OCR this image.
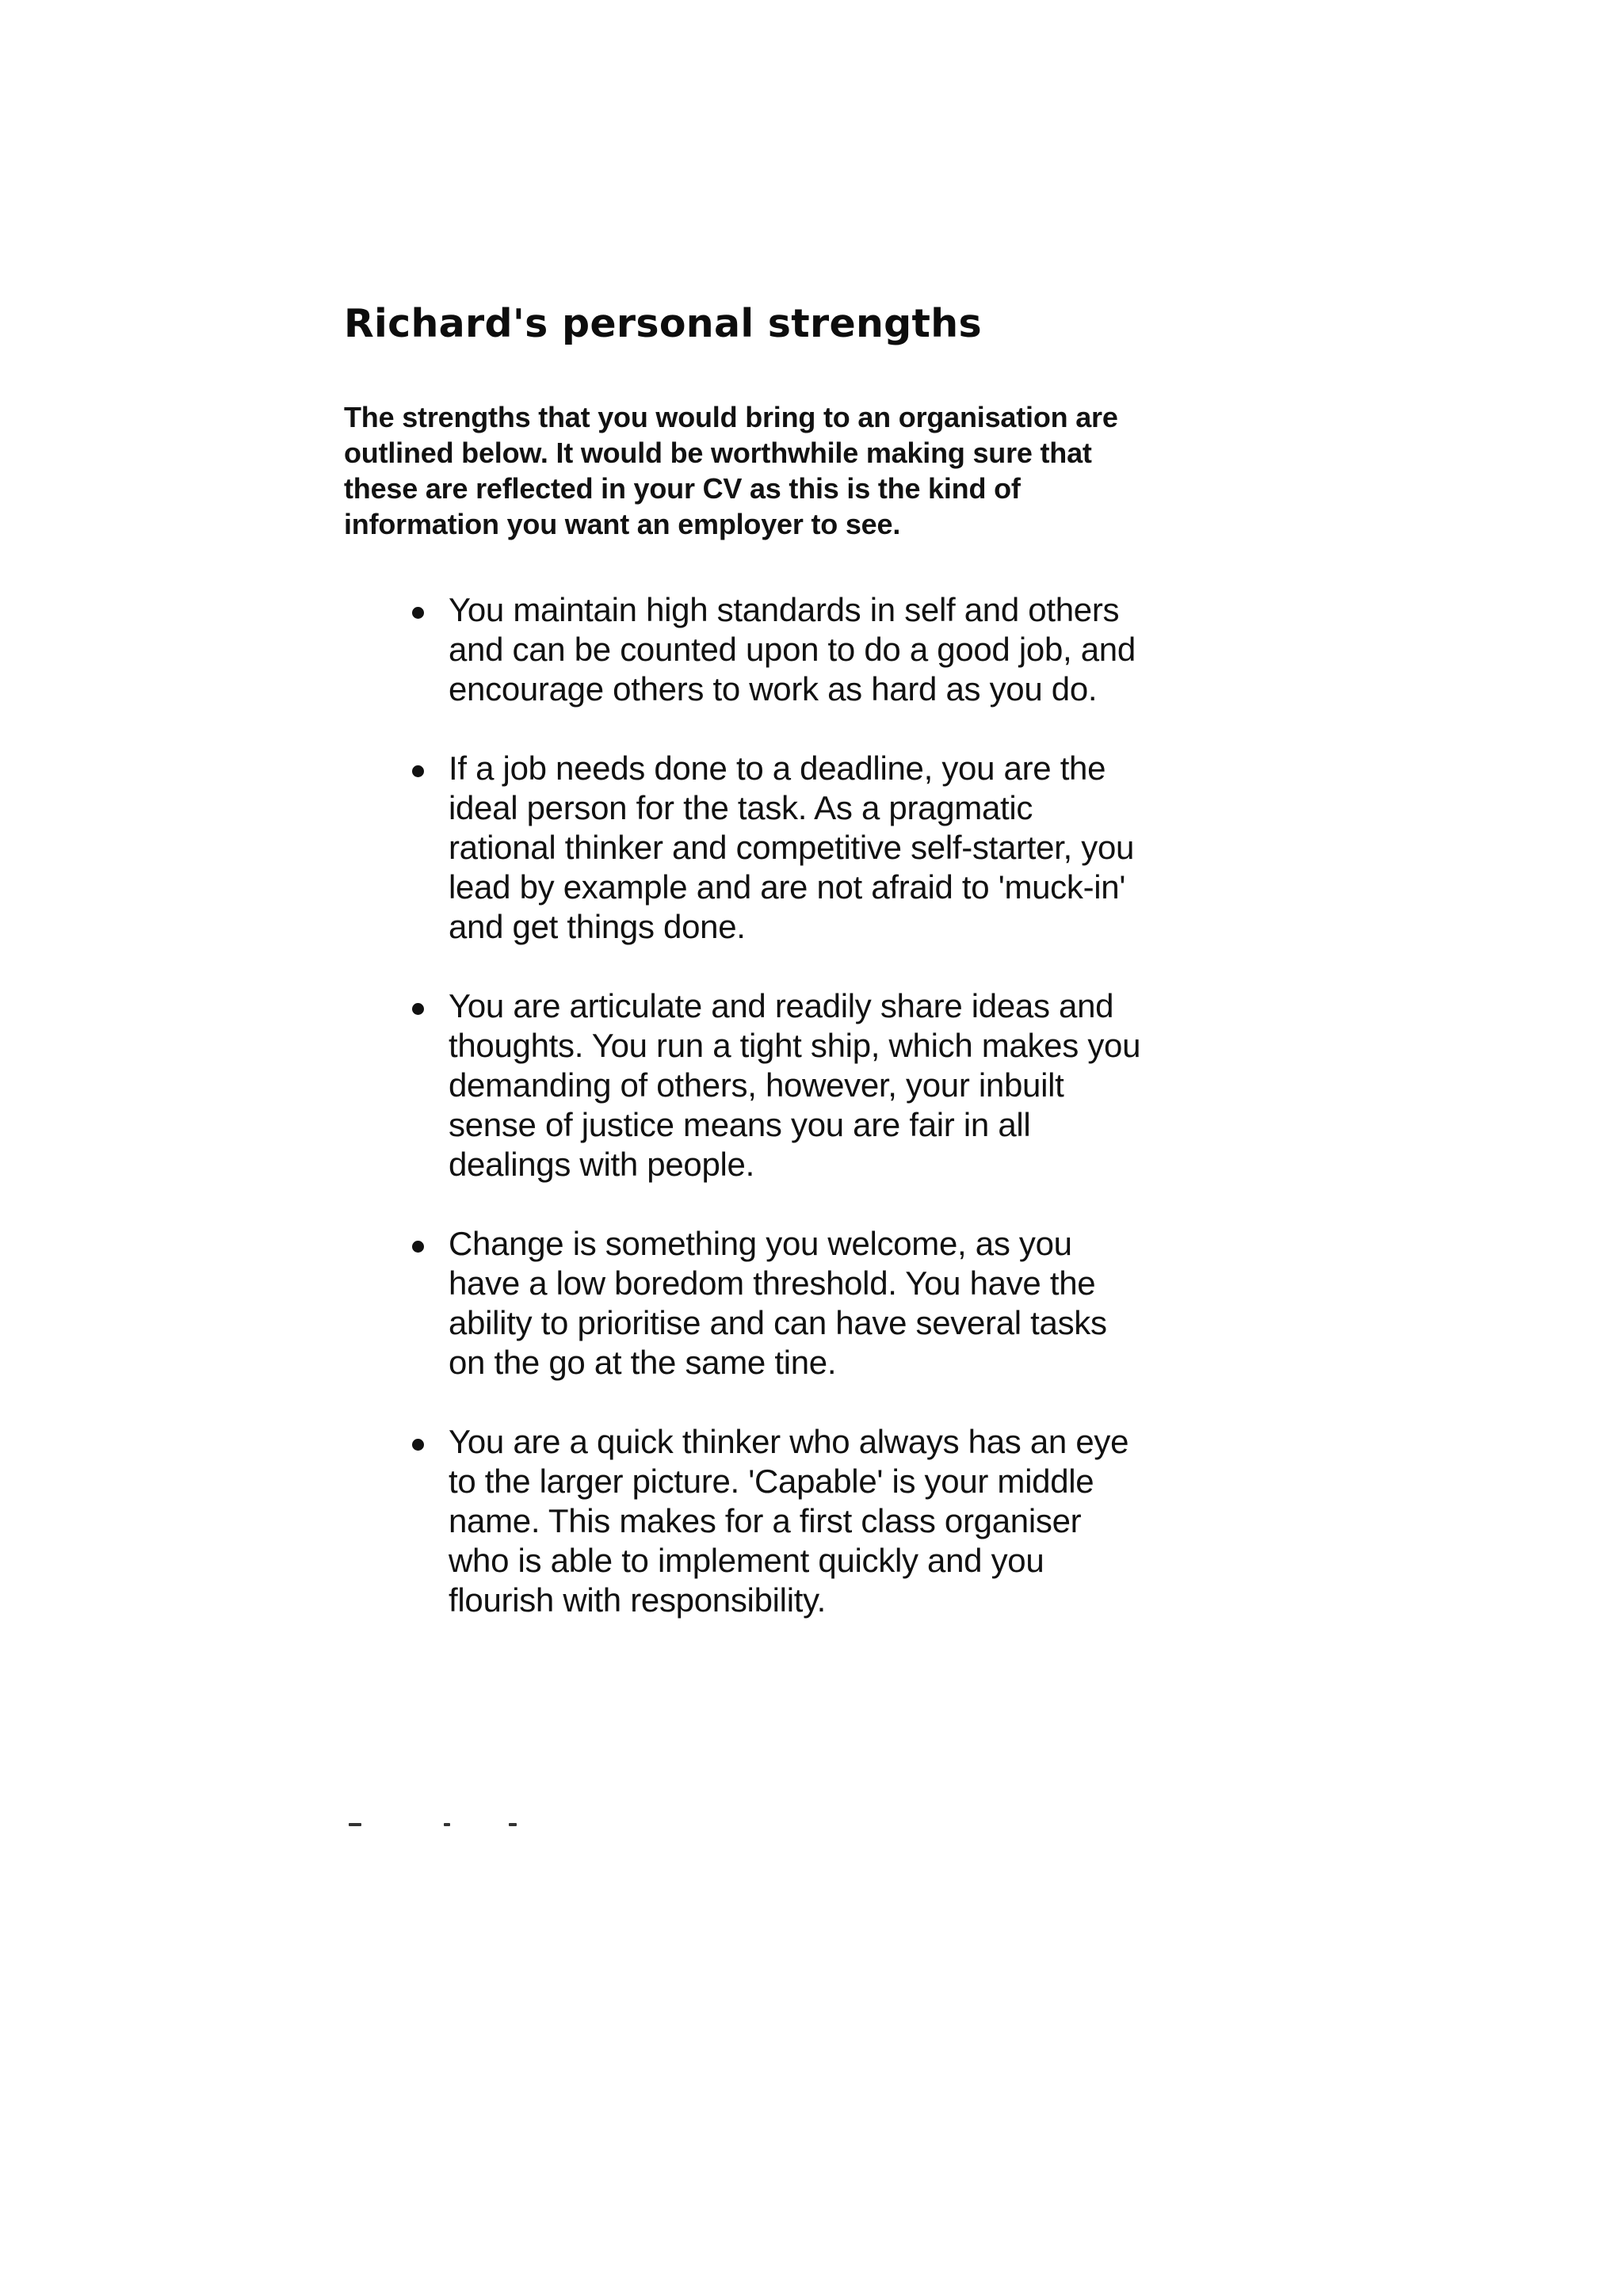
Richard's personal strengths

The strengths that you would bring to an organisation are outlined below. It would be worthwhile making sure that these are reflected in your CV as this is the kind of information you want an employer to see.

You maintain high standards in self and others and can be counted upon to do a good job, and encourage others to work as hard as you do.
If a job needs done to a deadline, you are the ideal person for the task. As a pragmatic rational thinker and competitive self-starter, you lead by example and are not afraid to 'muck-in' and get things done.
You are articulate and readily share ideas and thoughts. You run a tight ship, which makes you demanding of others, however, your inbuilt sense of justice means you are fair in all dealings with people.
Change is something you welcome, as you have a low boredom threshold. You have the ability to prioritise and can have several tasks on the go at the same tine.
You are a quick thinker who always has an eye to the larger picture. 'Capable' is your middle name. This makes for a first class organiser who is able to implement quickly and you flourish with responsibility.
